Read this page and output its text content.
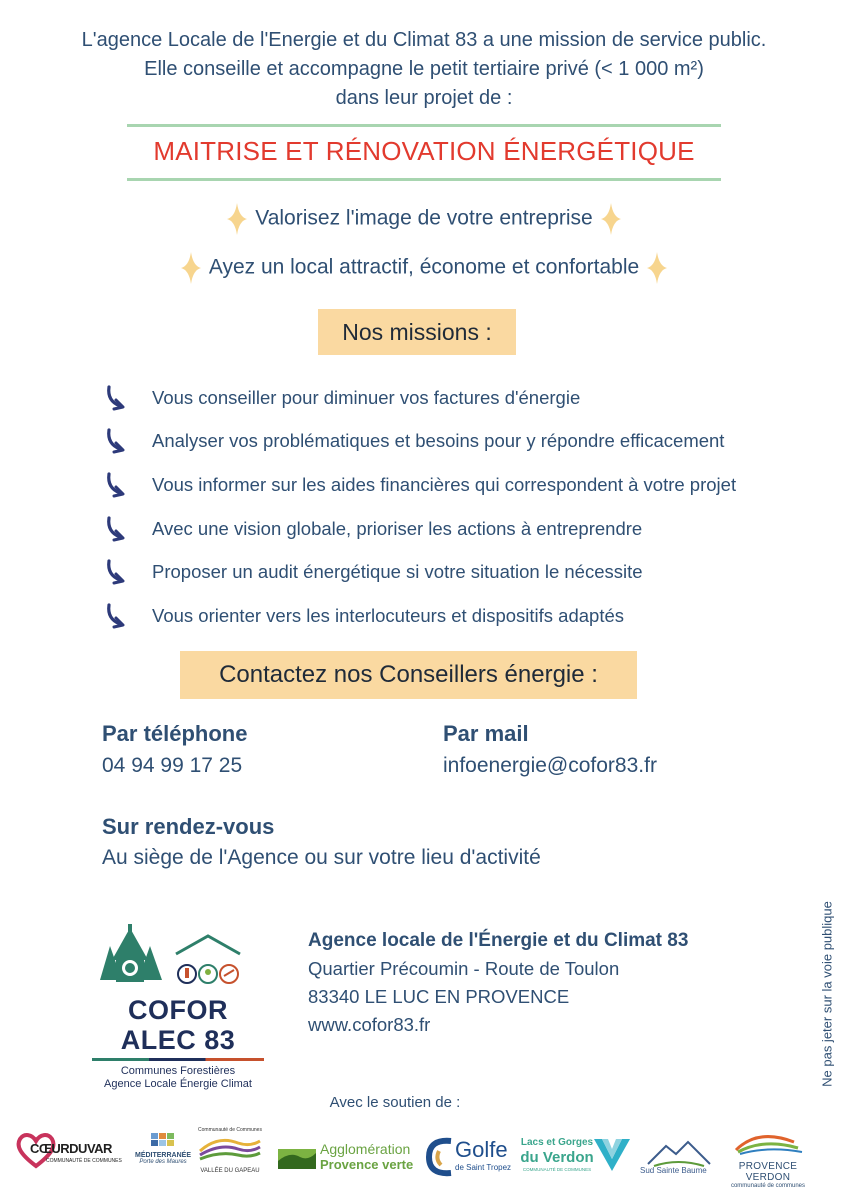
L'agence Locale de l'Energie et du Climat 83 a une mission de service public.
Elle conseille et accompagne le petit tertiaire privé (< 1 000 m²)
dans leur projet de :
MAITRISE ET RÉNOVATION ÉNERGÉTIQUE
Valorisez l'image de votre entreprise
Ayez un local attractif, économe et confortable
Nos missions :
Vous conseiller pour diminuer vos factures d'énergie
Analyser vos problématiques et besoins pour y répondre efficacement
Vous informer sur les aides financières qui correspondent à votre projet
Avec une vision globale, prioriser les actions à entreprendre
Proposer un audit énergétique si votre situation le nécessite
Vous orienter vers les interlocuteurs et dispositifs adaptés
Contactez nos Conseillers énergie :
Par téléphone
04 94 99 17 25
Par mail
infoenergie@cofor83.fr
Sur rendez-vous
Au siège de l'Agence ou sur votre lieu d'activité
COFOR ALEC 83
Communes Forestières
Agence Locale Énergie Climat
Agence locale de l'Énergie et du Climat 83
Quartier Précoumin - Route de Toulon
83340 LE LUC EN PROVENCE
www.cofor83.fr	Ne pas jeter sur la voie publique
Avec le soutien de :
CŒURDUVAR
COMMUNAUTÉ DE COMMUNES
MÉDITERRANÉE
Porte des Maures
Communauté de Communes
VALLÉE DU GAPEAU
Agglomération
Provence verte
Golfe
de Saint Tropez
Lacs et Gorges
du Verdon
COMMUNAUTÉ DE COMMUNES	Sud Sainte Baume	PROVENCE VERDON
communauté de communes
